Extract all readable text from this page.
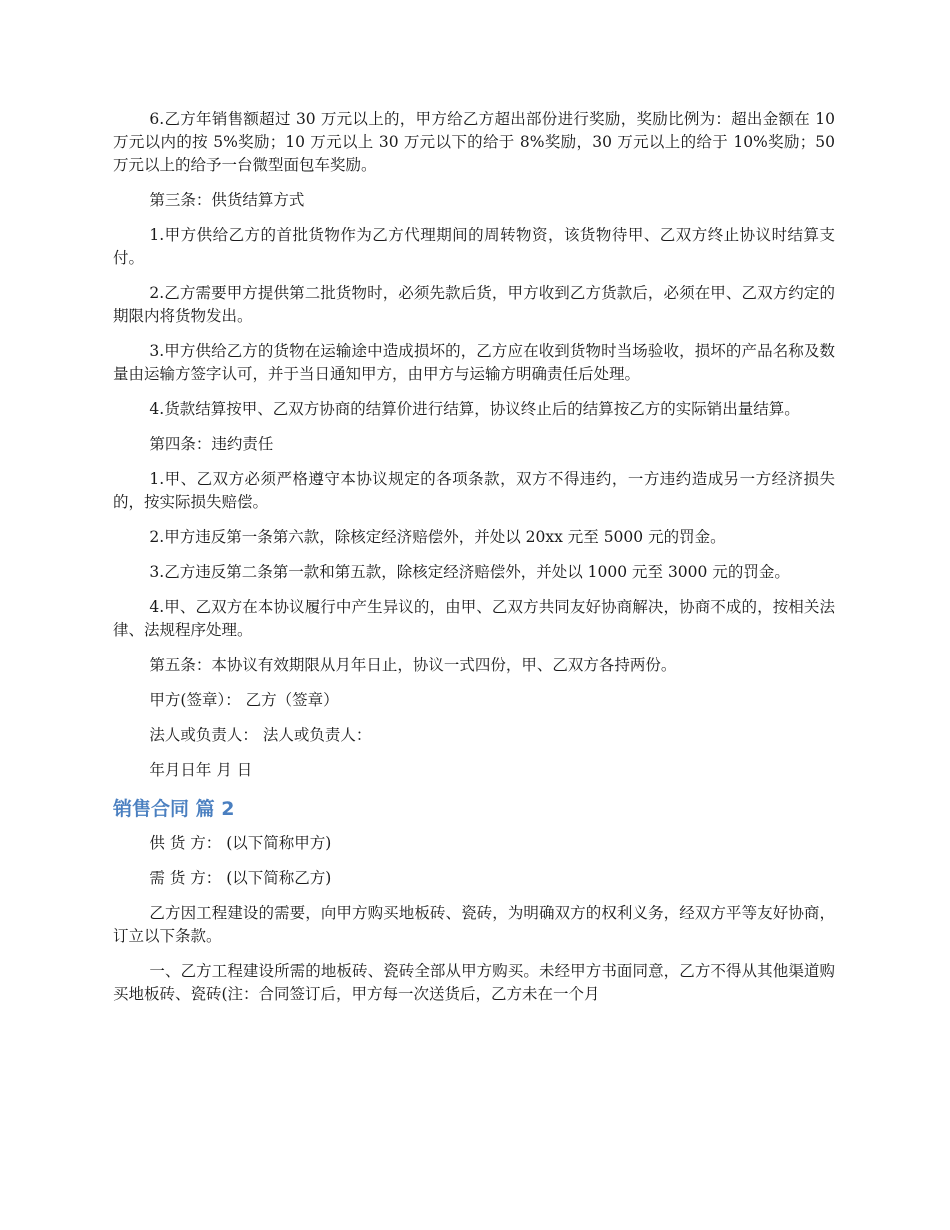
6.乙方年销售额超过 30 万元以上的，甲方给乙方超出部份进行奖励，奖励比例为：超出金额在 10 万元以内的按 5%奖励；10 万元以上 30 万元以下的给于 8%奖励，30 万元以上的给于 10%奖励；50 万元以上的给予一台微型面包车奖励。

第三条：供货结算方式

1.甲方供给乙方的首批货物作为乙方代理期间的周转物资，该货物待甲、乙双方终止协议时结算支付。

2.乙方需要甲方提供第二批货物时，必须先款后货，甲方收到乙方货款后，必须在甲、乙双方约定的期限内将货物发出。

3.甲方供给乙方的货物在运输途中造成损坏的，乙方应在收到货物时当场验收，损坏的产品名称及数量由运输方签字认可，并于当日通知甲方，由甲方与运输方明确责任后处理。

4.货款结算按甲、乙双方协商的结算价进行结算，协议终止后的结算按乙方的实际销出量结算。

第四条：违约责任

1.甲、乙双方必须严格遵守本协议规定的各项条款，双方不得违约，一方违约造成另一方经济损失的，按实际损失赔偿。

2.甲方违反第一条第六款，除核定经济赔偿外，并处以 20xx 元至 5000 元的罚金。

3.乙方违反第二条第一款和第五款，除核定经济赔偿外，并处以 1000 元至 3000 元的罚金。

4.甲、乙双方在本协议履行中产生异议的，由甲、乙双方共同友好协商解决，协商不成的，按相关法律、法规程序处理。

第五条：本协议有效期限从月年日止，协议一式四份，甲、乙双方各持两份。

甲方(签章）： 乙方（签章）

法人或负责人： 法人或负责人：

年月日年 月 日

销售合同 篇 2

供 货 方： (以下简称甲方)

需 货 方： (以下简称乙方)

乙方因工程建设的需要，向甲方购买地板砖、瓷砖，为明确双方的权利义务，经双方平等友好协商，订立以下条款。

一、乙方工程建设所需的地板砖、瓷砖全部从甲方购买。未经甲方书面同意，乙方不得从其他渠道购买地板砖、瓷砖(注：合同签订后，甲方每一次送货后，乙方未在一个月
